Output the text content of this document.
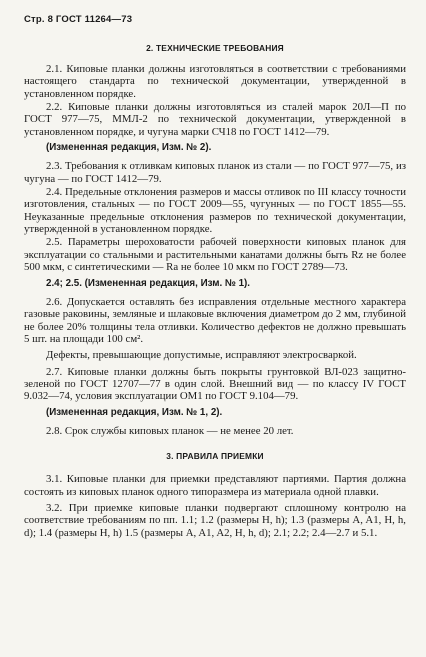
Стр. 8 ГОСТ 11264—73
2. ТЕХНИЧЕСКИЕ ТРЕБОВАНИЯ

2.1. Киповые планки должны изготовляться в соответствии с требованиями настоящего стандарта по технической документации, утвержденной в установленном порядке.

2.2. Киповые планки должны изготовляться из сталей марок 20Л—П по ГОСТ 977—75, ММЛ-2 по технической документации, утвержденной в установленном порядке, и чугуна марки СЧ18 по ГОСТ 1412—79.

(Измененная редакция, Изм. № 2).

2.3. Требования к отливкам киповых планок из стали — по ГОСТ 977—75, из чугуна — по ГОСТ 1412—79.

2.4. Предельные отклонения размеров и массы отливок по III классу точности изготовления, стальных — по ГОСТ 2009—55, чугунных — по ГОСТ 1855—55. Неуказанные предельные отклонения размеров по технической документации, утвержденной в установленном порядке.

2.5. Параметры шероховатости рабочей поверхности киповых планок для эксплуатации со стальными и растительными канатами должны быть Rz не более 500 мкм, с синтетическими — Ra не более 10 мкм по ГОСТ 2789—73.

2.4; 2.5. (Измененная редакция, Изм. № 1).

2.6. Допускается оставлять без исправления отдельные местного характера газовые раковины, земляные и шлаковые включения диаметром до 2 мм, глубиной не более 20% толщины тела отливки. Количество дефектов не должно превышать 5 шт. на площади 100 см².

Дефекты, превышающие допустимые, исправляют электросваркой.

2.7. Киповые планки должны быть покрыты грунтовкой ВЛ-023 защитно-зеленой по ГОСТ 12707—77 в один слой. Внешний вид — по классу IV ГОСТ 9.032—74, условия эксплуатации ОМ1 по ГОСТ 9.104—79.

(Измененная редакция, Изм. № 1, 2).

2.8. Срок службы киповых планок — не менее 20 лет.

3. ПРАВИЛА ПРИЕМКИ

3.1. Киповые планки для приемки представляют партиями. Партия должна состоять из киповых планок одного типоразмера из материала одной плавки.

3.2. При приемке киповые планки подвергают сплошному контролю на соответствие требованиям по пп. 1.1; 1.2 (размеры H, h); 1.3 (размеры A, A1, H, h, d); 1.4 (размеры H, h) 1.5 (размеры A, A1, A2, H, h, d); 2.1; 2.2; 2.4—2.7 и 5.1.
